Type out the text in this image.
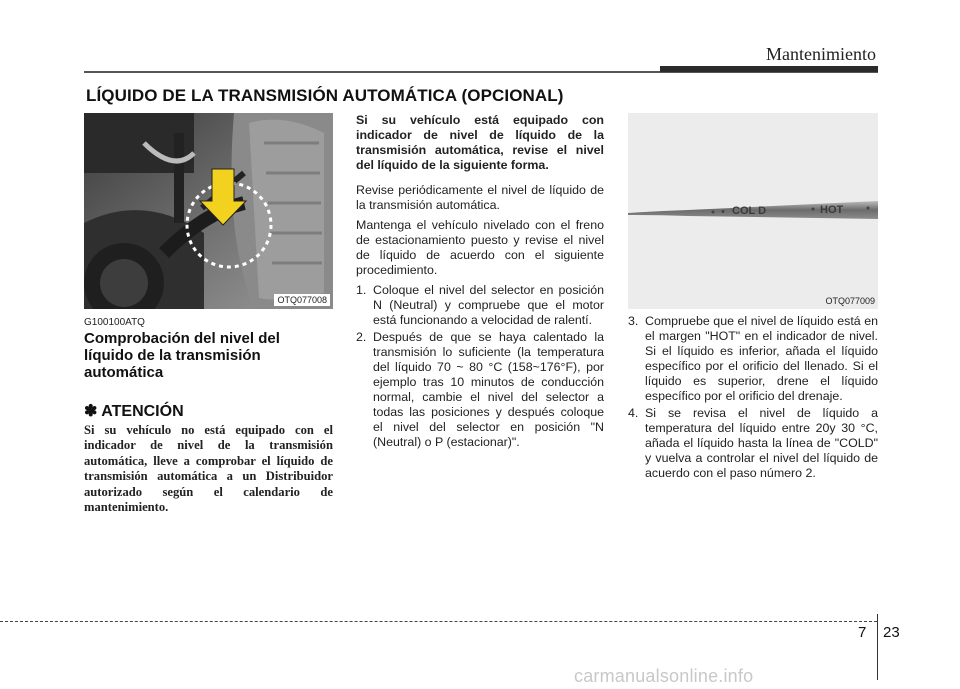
Mantenimiento
LÍQUIDO DE LA TRANSMISIÓN AUTOMÁTICA (OPCIONAL)
OTQ077008
COL D	HOT
OTQ077009
G100100ATQ
Comprobación del nivel del líquido de la transmisión automática
✽ ATENCIÓN
Si su vehículo no está equipado con el indicador de nivel de la transmisión automática, lleve a comprobar el líquido de transmisión automática a un Distribuidor autorizado según el calendario de mantenimiento.
Si su vehículo está equipado con indicador de nivel de líquido de la transmisión automática, revise el nivel del líquido de la siguiente forma.

Revise periódicamente el nivel de líquido de la transmisión automática.

Mantenga el vehículo nivelado con el freno de estacionamiento puesto y revise el nivel de líquido de acuerdo con el siguiente procedimiento.

1. Coloque el nivel del selector en posición N (Neutral) y compruebe que el motor está funcionando a velocidad de ralentí.
2. Después de que se haya calentado la transmisión lo suficiente (la temperatura del líquido 70 ~ 80 °C (158~176°F), por ejemplo tras 10 minutos de conducción normal, cambie el nivel del selector a todas las posiciones y después coloque el nivel del selector en posición "N (Neutral) o P (estacionar)".
3. Compruebe que el nivel de líquido está en el margen "HOT" en el indicador de nivel. Si el líquido es inferior, añada el líquido específico por el orificio del llenado. Si el líquido es superior, drene el líquido específico por el orificio del drenaje.
4. Si se revisa el nivel de líquido a temperatura del líquido entre 20y 30 °C, añada el líquido hasta la línea de "COLD" y vuelva a controlar el nivel del líquido de acuerdo con el paso número 2.
7 23
carmanualsonline.info
